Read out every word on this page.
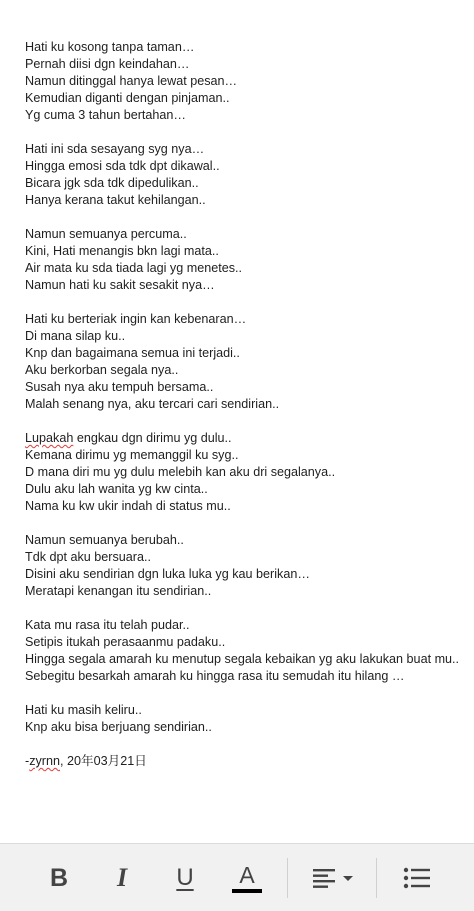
Hati ku kosong tanpa taman…
Pernah diisi dgn keindahan…
Namun ditinggal hanya lewat pesan…
Kemudian diganti dengan pinjaman..
Yg cuma 3 tahun bertahan…
Hati ini sda sesayang syg nya…
Hingga emosi sda tdk dpt dikawal..
Bicara jgk sda tdk dipedulikan..
Hanya kerana takut kehilangan..
Namun semuanya percuma..
Kini, Hati menangis bkn lagi mata..
Air mata ku sda tiada lagi yg menetes..
Namun hati ku sakit sesakit nya…
Hati ku berteriak ingin kan kebenaran…
Di mana silap ku..
Knp dan bagaimana semua ini terjadi..
Aku berkorban segala nya..
Susah nya aku tempuh bersama..
Malah senang nya, aku tercari cari sendirian..
Lupakah engkau dgn dirimu yg dulu..
Kemana dirimu yg memanggil ku syg..
D mana diri mu yg dulu melebih kan aku dri segalanya..
Dulu aku lah wanita yg kw cinta..
Nama ku kw ukir indah di status mu..
Namun semuanya berubah..
Tdk dpt aku bersuara..
Disini aku sendirian dgn luka luka yg kau berikan…
Meratapi kenangan itu sendirian..
Kata mu rasa itu telah pudar..
Setipis itukah perasaanmu padaku..
Hingga segala amarah ku menutup segala kebaikan yg aku lakukan buat mu..
Sebegitu besarkah amarah ku hingga rasa itu semudah itu hilang …
Hati ku masih keliru..
Knp aku bisa berjuang sendirian..
-zyrnn, 20年03月21日
B I U A
